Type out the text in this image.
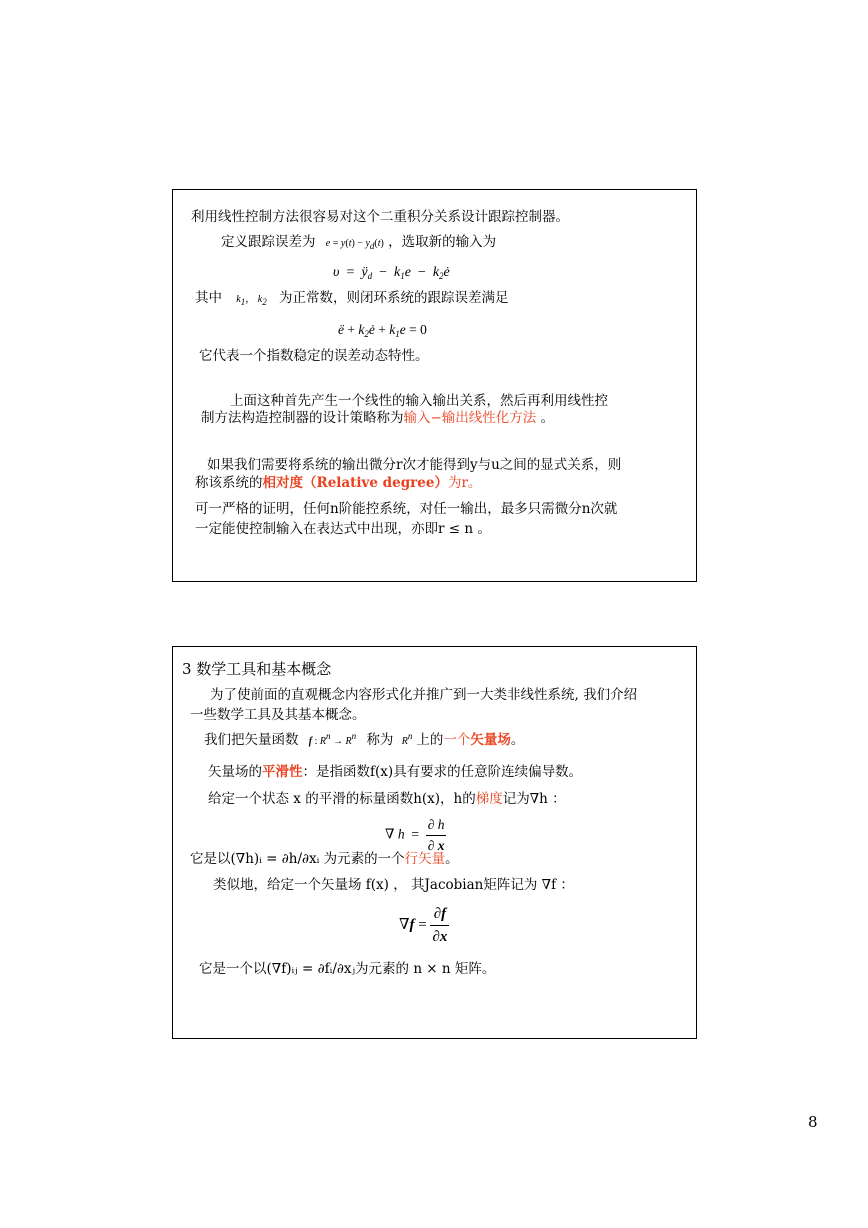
利用线性控制方法很容易对这个二重积分关系设计跟踪控制器。
定义跟踪误差为 $e = y(t) - y_d(t)$ ，选取新的输入为
$\upsilon = ÿ_d - k_1e$  −  $k_2ė$
其中 $k_1$， $k_2$ 为正常数，则闭环系统的跟踪误差满足
ë + $k_2ė + k_1e = 0$
它代表一个指数稳定的误差动态特性。
上面这种首先产生一个线性的输入输出关系，然后再利用线性控
制方法构造控制器的设计策略称为输入−输出线性化方法 。
如果我们需要将系统的输出微分r次才能得到y与u之间的显式关系，则
称该系统的相对度（Relative degree）为r。
可一严格的证明，任何n阶能控系统，对任一输出，最多只需微分n次就
一定能使控制输入在表达式中出现，亦即r ≤ n 。
3 数学工具和基本概念
为了使前面的直观概念内容形式化并推广到一大类非线性系统, 我们介绍
一些数学工具及其基本概念。
我们把矢量函数 f : $R^n \to R^n$ 称为 $R^n$ 上的一个矢量场。
矢量场的平滑性：是指函数f(x)具有要求的任意阶连续偏导数。
给定一个状态 x 的平滑的标量函数h(x)，h的梯度记为∇h ：
∇ $h = \frac{\partial h}{\partial x}$
它是以(∇h)ᵢ = ∂h/∂xᵢ 为元素的一个行矢量。
类似地，给定一个矢量场 f(x) ， 其Jacobian矩阵记为 ∇f ：
$\nabla f = \frac{\partial f}{\partial x}$
它是一个以(∇f)ᵢⱼ = ∂fᵢ/∂xⱼ为元素的 n × n 矩阵。
8
